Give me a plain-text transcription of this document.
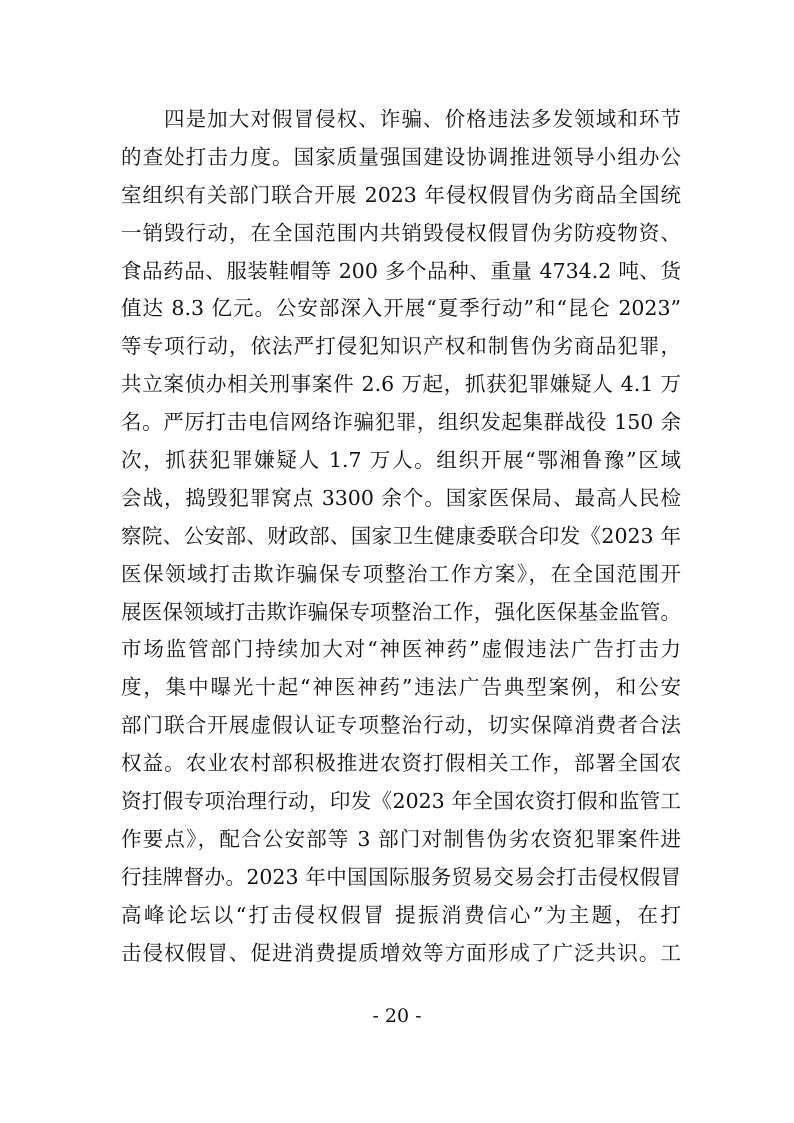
四是加大对假冒侵权、诈骗、价格违法多发领域和环节
的查处打击力度。国家质量强国建设协调推进领导小组办公
室组织有关部门联合开展 2023 年侵权假冒伪劣商品全国统
一销毁行动，在全国范围内共销毁侵权假冒伪劣防疫物资、
食品药品、服装鞋帽等 200 多个品种、重量 4734.2 吨、货
值达 8.3 亿元。公安部深入开展“夏季行动”和“昆仑 2023”
等专项行动，依法严打侵犯知识产权和制售伪劣商品犯罪，
共立案侦办相关刑事案件 2.6 万起，抓获犯罪嫌疑人 4.1 万
名。严厉打击电信网络诈骗犯罪，组织发起集群战役 150 余
次，抓获犯罪嫌疑人 1.7 万人。组织开展“鄂湘鲁豫”区域
会战，捣毁犯罪窝点 3300 余个。国家医保局、最高人民检
察院、公安部、财政部、国家卫生健康委联合印发《2023 年
医保领域打击欺诈骗保专项整治工作方案》，在全国范围开
展医保领域打击欺诈骗保专项整治工作，强化医保基金监管。
市场监管部门持续加大对“神医神药”虚假违法广告打击力
度，集中曝光十起“神医神药”违法广告典型案例，和公安
部门联合开展虚假认证专项整治行动，切实保障消费者合法
权益。农业农村部积极推进农资打假相关工作，部署全国农
资打假专项治理行动，印发《2023 年全国农资打假和监管工
作要点》，配合公安部等 3 部门对制售伪劣农资犯罪案件进
行挂牌督办。2023 年中国国际服务贸易交易会打击侵权假冒
高峰论坛以“打击侵权假冒 提振消费信心”为主题，在打
击侵权假冒、促进消费提质增效等方面形成了广泛共识。工
- 20 -
